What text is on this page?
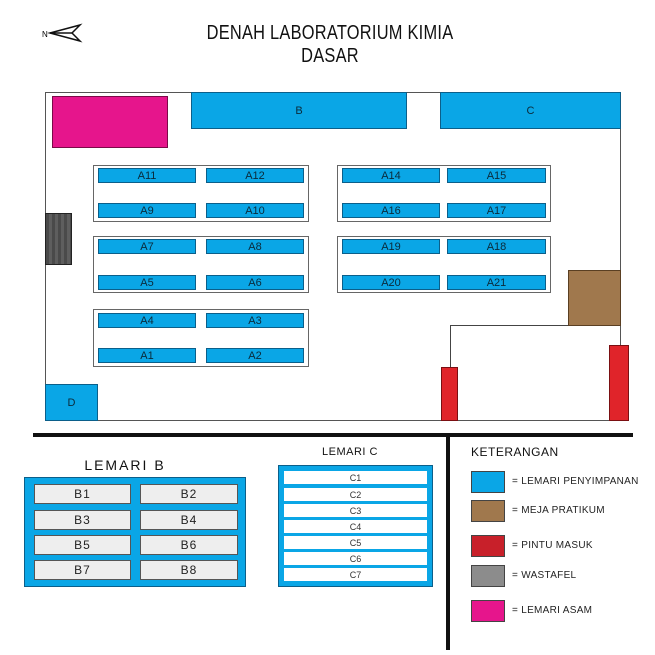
N	DENAH LABORATORIUM KIMIA DASAR
B	C
D
A11	A12
A9	A10
A7	A8
A5	A6
A4	A3
A1	A2
A14	A15
A16	A17
A19	A18
A20	A21
LEMARI B
B1	B2
B3	B4
B5	B6
B7	B8
LEMARI C
C1
C2
C3
C4
C5
C6
C7
KETERANGAN
= LEMARI PENYIMPANAN
= MEJA PRATIKUM
= PINTU MASUK
= WASTAFEL
= LEMARI ASAM
